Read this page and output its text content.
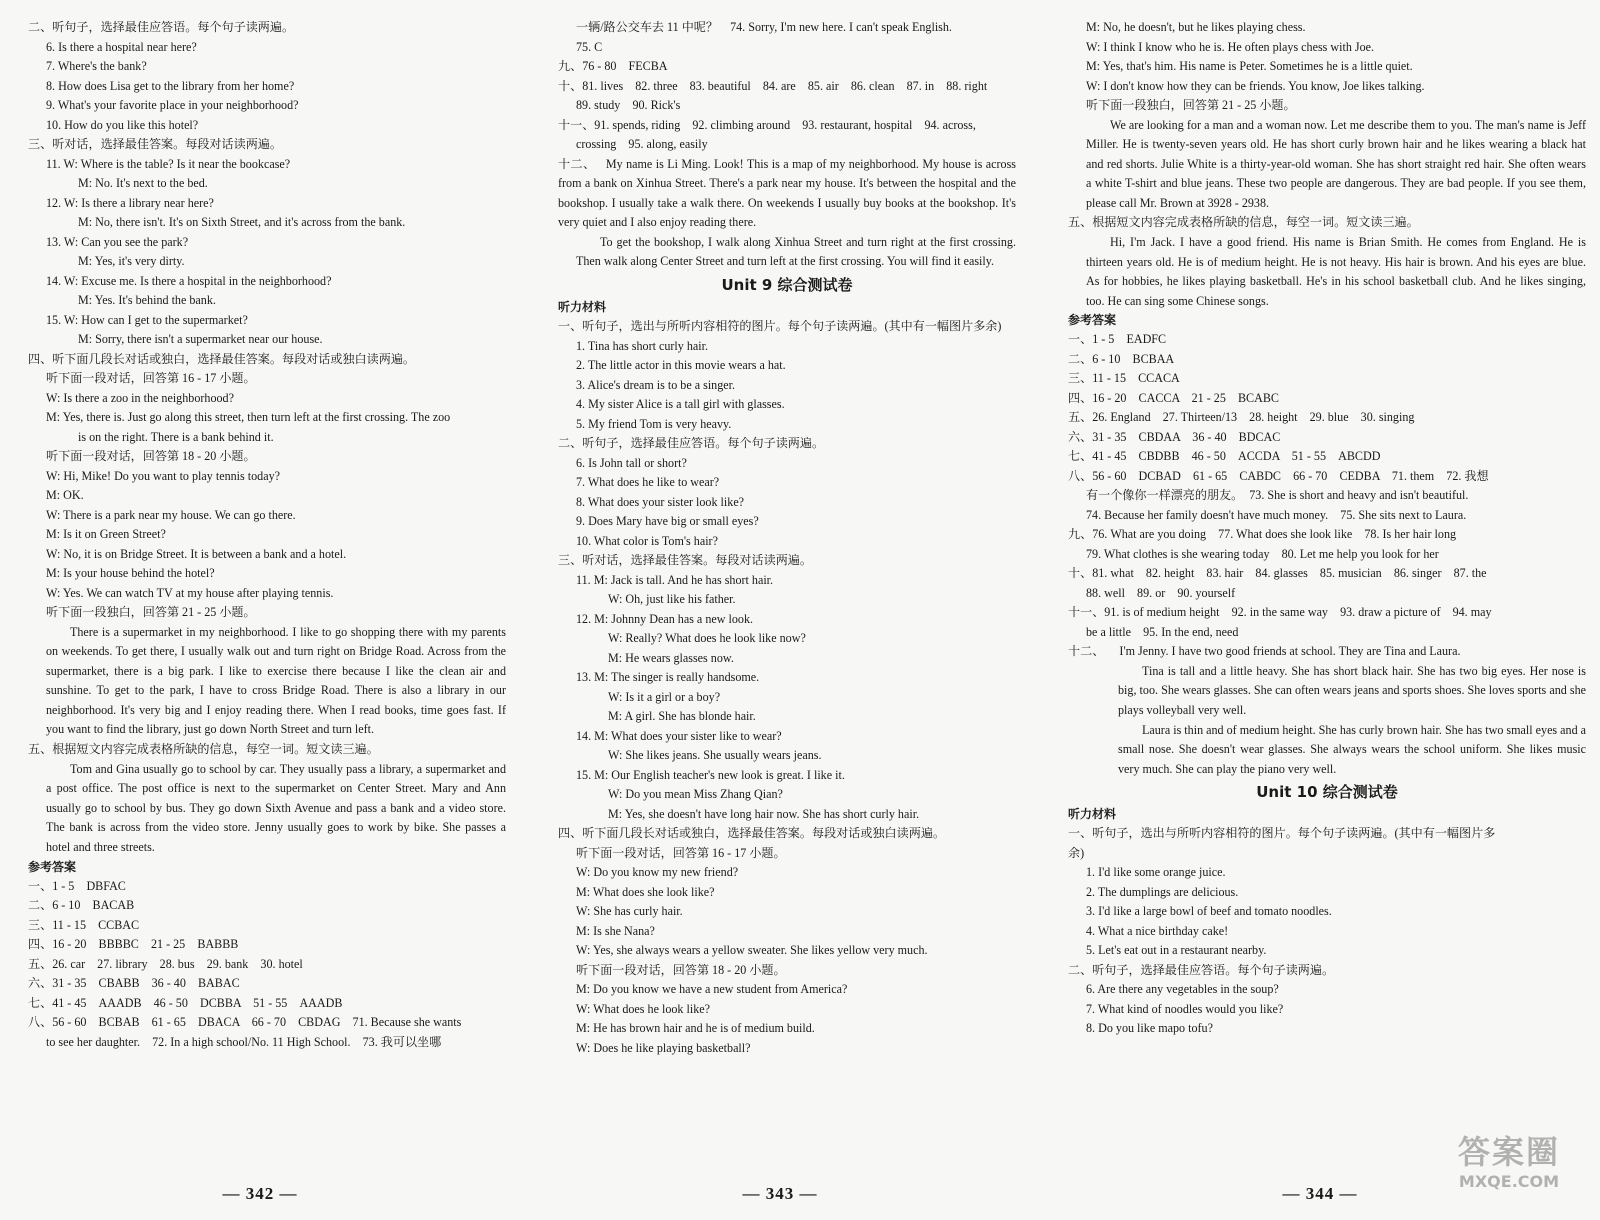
二、听句子，选择最佳应答语。每个句子读两遍。
6. Is there a hospital near here?
7. Where's the bank?
8. How does Lisa get to the library from her home?
9. What's your favorite place in your neighborhood?
10. How do you like this hotel?
三、听对话，选择最佳答案。每段对话读两遍。
11. W: Where is the table? Is it near the bookcase?
M: No. It's next to the bed.
12. W: Is there a library near here?
M: No, there isn't. It's on Sixth Street, and it's across from the bank.
13. W: Can you see the park?
M: Yes, it's very dirty.
14. W: Excuse me. Is there a hospital in the neighborhood?
M: Yes. It's behind the bank.
15. W: How can I get to the supermarket?
M: Sorry, there isn't a supermarket near our house.
四、听下面几段长对话或独白，选择最佳答案。每段对话或独白读两遍。
听下面一段对话，回答第 16 - 17 小题。
W: Is there a zoo in the neighborhood?
M: Yes, there is. Just go along this street, then turn left at the first crossing. The zoo
is on the right. There is a bank behind it.
听下面一段对话，回答第 18 - 20 小题。
W: Hi, Mike! Do you want to play tennis today?
M: OK.
W: There is a park near my house. We can go there.
M: Is it on Green Street?
W: No, it is on Bridge Street. It is between a bank and a hotel.
M: Is your house behind the hotel?
W: Yes. We can watch TV at my house after playing tennis.
听下面一段独白，回答第 21 - 25 小题。

There is a supermarket in my neighborhood. I like to go shopping there with my parents on weekends. To get there, I usually walk out and turn right on Bridge Road. Across from the supermarket, there is a big park. I like to exercise there because I like the clean air and sunshine. To get to the park, I have to cross Bridge Road. There is also a library in our neighborhood. It's very big and I enjoy reading there. When I read books, time goes fast. If you want to find the library, just go down North Street and turn left.

五、根据短文内容完成表格所缺的信息，每空一词。短文读三遍。

Tom and Gina usually go to school by car. They usually pass a library, a supermarket and a post office. The post office is next to the supermarket on Center Street. Mary and Ann usually go to school by bus. They go down Sixth Avenue and pass a bank and a video store. The bank is across from the video store. Jenny usually goes to work by bike. She passes a hotel and three streets.

参考答案
一、1 - 5　DBFAC
二、6 - 10　BACAB
三、11 - 15　CCBAC
四、16 - 20　BBBBC　21 - 25　BABBB
五、26. car　27. library　28. bus　29. bank　30. hotel
六、31 - 35　CBABB　36 - 40　BABAC
七、41 - 45　AAADB　46 - 50　DCBBA　51 - 55　AAADB
八、56 - 60　BCBAB　61 - 65　DBACA　66 - 70　CBDAG　71. Because she wants
to see her daughter.　72. In a high school/No. 11 High School.　73. 我可以坐哪
— 342 —
一辆/路公交车去 11 中呢？　74. Sorry, I'm new here. I can't speak English.
75. C
九、76 - 80　FECBA
十、81. lives　82. three　83. beautiful　84. are　85. air　86. clean　87. in　88. right
89. study　90. Rick's
十一、91. spends, riding　92. climbing around　93. restaurant, hospital　94. across,
crossing　95. along, easily

十二、 My name is Li Ming. Look! This is a map of my neighborhood. My house is across from a bank on Xinhua Street. There's a park near my house. It's between the hospital and the bookshop. I usually take a walk there. On weekends I usually buy books at the bookshop. It's very quiet and I also enjoy reading there.

To get the bookshop, I walk along Xinhua Street and turn right at the first crossing. Then walk along Center Street and turn left at the first crossing. You will find it easily.

Unit 9 综合测试卷
听力材料
一、听句子，选出与所听内容相符的图片。每个句子读两遍。(其中有一幅图片多余)
1. Tina has short curly hair.
2. The little actor in this movie wears a hat.
3. Alice's dream is to be a singer.
4. My sister Alice is a tall girl with glasses.
5. My friend Tom is very heavy.
二、听句子，选择最佳应答语。每个句子读两遍。
6. Is John tall or short?
7. What does he like to wear?
8. What does your sister look like?
9. Does Mary have big or small eyes?
10. What color is Tom's hair?
三、听对话，选择最佳答案。每段对话读两遍。
11. M: Jack is tall. And he has short hair.
W: Oh, just like his father.
12. M: Johnny Dean has a new look.
W: Really? What does he look like now?
M: He wears glasses now.
13. M: The singer is really handsome.
W: Is it a girl or a boy?
M: A girl. She has blonde hair.
14. M: What does your sister like to wear?
W: She likes jeans. She usually wears jeans.
15. M: Our English teacher's new look is great. I like it.
W: Do you mean Miss Zhang Qian?
M: Yes, she doesn't have long hair now. She has short curly hair.
四、听下面几段长对话或独白，选择最佳答案。每段对话或独白读两遍。
听下面一段对话，回答第 16 - 17 小题。
W: Do you know my new friend?
M: What does she look like?
W: She has curly hair.
M: Is she Nana?
W: Yes, she always wears a yellow sweater. She likes yellow very much.
听下面一段对话，回答第 18 - 20 小题。
M: Do you know we have a new student from America?
W: What does he look like?
M: He has brown hair and he is of medium build.
W: Does he like playing basketball?
— 343 —
M: No, he doesn't, but he likes playing chess.
W: I think I know who he is. He often plays chess with Joe.
M: Yes, that's him. His name is Peter. Sometimes he is a little quiet.
W: I don't know how they can be friends. You know, Joe likes talking.
听下面一段独白，回答第 21 - 25 小题。

We are looking for a man and a woman now. Let me describe them to you. The man's name is Jeff Miller. He is twenty-seven years old. He has short curly brown hair and he likes wearing a black hat and red shorts. Julie White is a thirty-year-old woman. She has short straight red hair. She often wears a white T-shirt and blue jeans. These two people are dangerous. They are bad people. If you see them, please call Mr. Brown at 3928 - 2938.

五、根据短文内容完成表格所缺的信息，每空一词。短文读三遍。

Hi, I'm Jack. I have a good friend. His name is Brian Smith. He comes from England. He is thirteen years old. He is of medium height. He is not heavy. His hair is brown. And his eyes are blue. As for hobbies, he likes playing basketball. He's in his school basketball club. And he likes singing, too. He can sing some Chinese songs.

参考答案
一、1 - 5　EADFC
二、6 - 10　BCBAA
三、11 - 15　CCACA
四、16 - 20　CACCA　21 - 25　BCABC
五、26. England　27. Thirteen/13　28. height　29. blue　30. singing
六、31 - 35　CBDAA　36 - 40　BDCAC
七、41 - 45　CBDBB　46 - 50　ACCDA　51 - 55　ABCDD
八、56 - 60　DCBAD　61 - 65　CABDC　66 - 70　CEDBA　71. them　72. 我想
有一个像你一样漂亮的朋友。　73. She is short and heavy and isn't beautiful.
74. Because her family doesn't have much money.　75. She sits next to Laura.
九、76. What are you doing　77. What does she look like　78. Is her hair long
79. What clothes is she wearing today　80. Let me help you look for her
十、81. what　82. height　83. hair　84. glasses　85. musician　86. singer　87. the
88. well　89. or　90. yourself
十一、91. is of medium height　92. in the same way　93. draw a picture of　94. may
be a little　95. In the end, need
十二、 I'm Jenny. I have two good friends at school. They are Tina and Laura.

Tina is tall and a little heavy. She has short black hair. She has two big eyes. Her nose is big, too. She wears glasses. She can often wears jeans and sports shoes. She loves sports and she plays volleyball very well.

Laura is thin and of medium height. She has curly brown hair. She has two small eyes and a small nose. She doesn't wear glasses. She always wears the school uniform. She likes music very much. She can play the piano very well.

Unit 10 综合测试卷
听力材料
一、听句子，选出与所听内容相符的图片。每个句子读两遍。(其中有一幅图片多
余)
1. I'd like some orange juice.
2. The dumplings are delicious.
3. I'd like a large bowl of beef and tomato noodles.
4. What a nice birthday cake!
5. Let's eat out in a restaurant nearby.
二、听句子，选择最佳应答语。每个句子读两遍。
6. Are there any vegetables in the soup?
7. What kind of noodles would you like?
8. Do you like mapo tofu?
— 344 —
答案圈
MXQE.COM
